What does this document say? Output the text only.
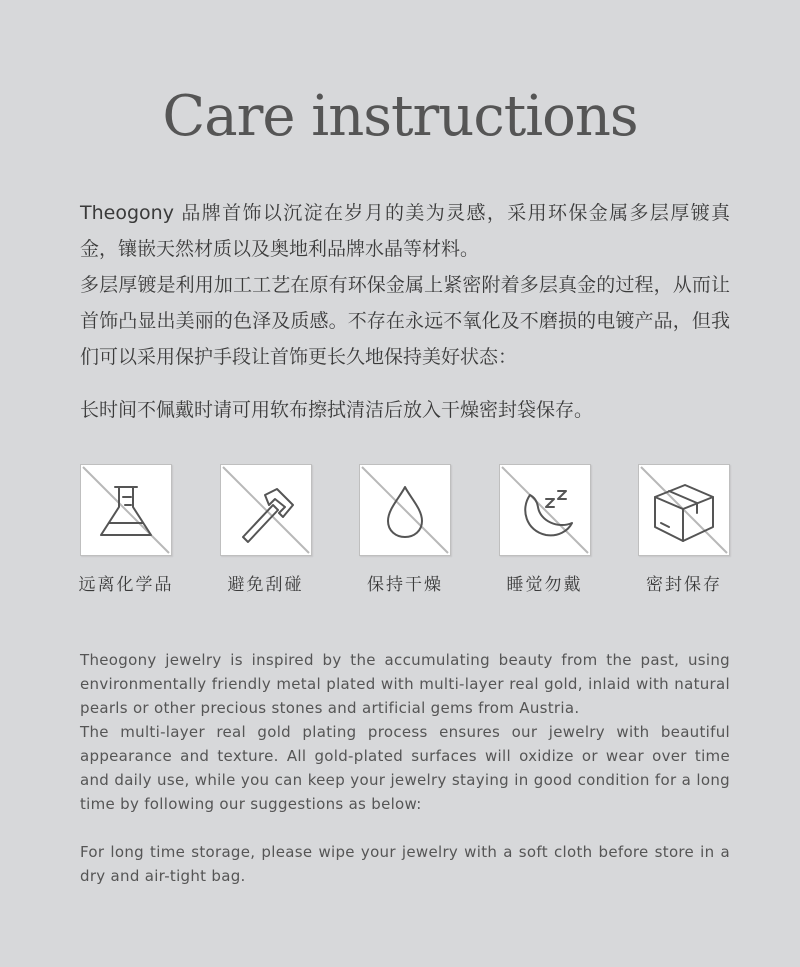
Care instructions

Theogony 品牌首饰以沉淀在岁月的美为灵感，采用环保金属多层厚镀真金，镶嵌天然材质以及奥地利品牌水晶等材料。

多层厚镀是利用加工工艺在原有环保金属上紧密附着多层真金的过程，从而让首饰凸显出美丽的色泽及质感。不存在永远不氧化及不磨损的电镀产品，但我们可以采用保护手段让首饰更长久地保持美好状态：

长时间不佩戴时请可用软布擦拭清洁后放入干燥密封袋保存。

远离化学品	避免刮碰	保持干燥	睡觉勿戴	密封保存

Theogony jewelry is inspired by the accumulating beauty from the past, using environmentally friendly metal plated with multi-layer real gold, inlaid with natural pearls or other precious stones and artificial gems from Austria.

The multi-layer real gold plating process ensures our jewelry with beautiful appearance and texture. All gold-plated surfaces will oxidize or wear over time and daily use, while you can keep your jewelry staying in good condition for a long time by following our suggestions as below:

For long time storage, please wipe your jewelry with a soft cloth before store in a dry and air-tight bag.
